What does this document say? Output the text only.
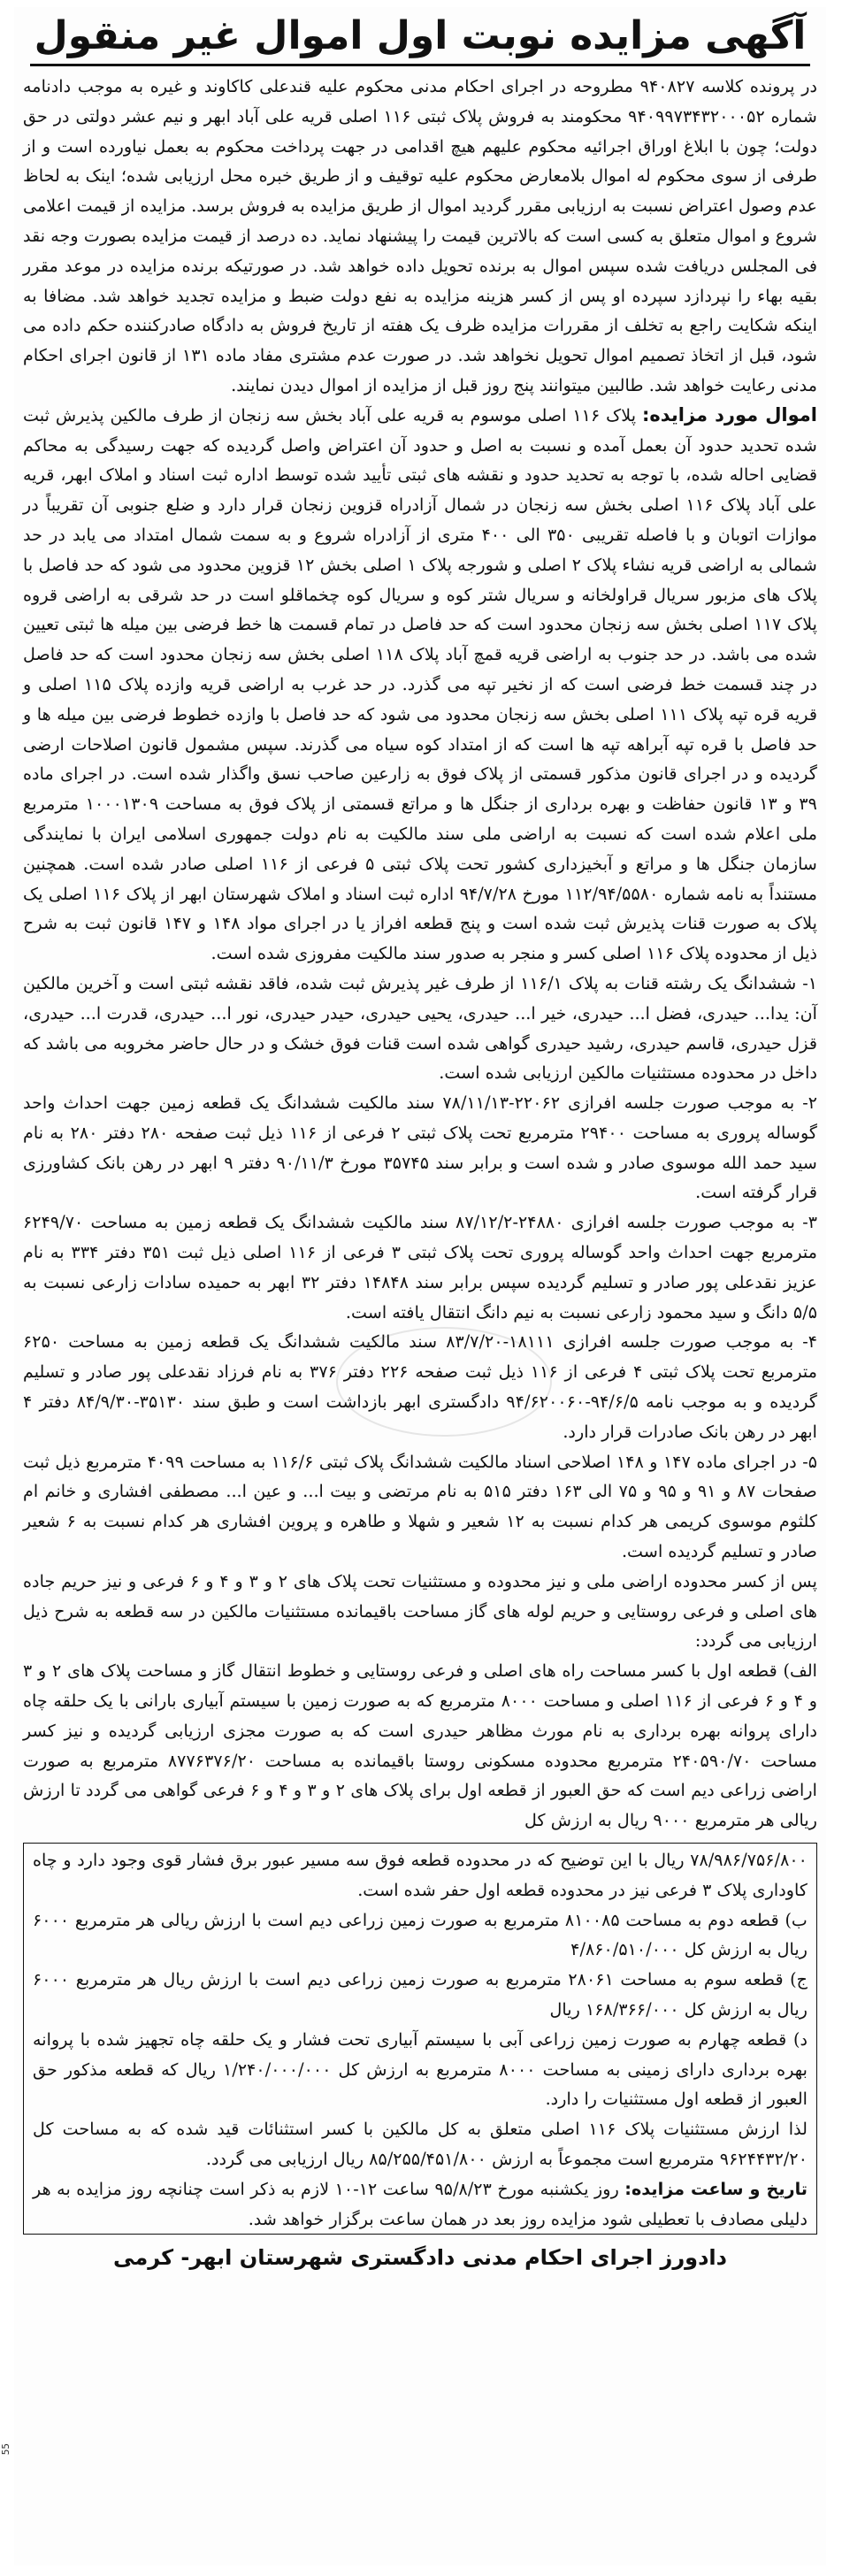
آگهی مزایده نوبت اول اموال غیر منقول

در پرونده کلاسه ۹۴۰۸۲۷ مطروحه در اجرای احکام مدنی محکوم علیه قندعلی کاکاوند و غیره به موجب دادنامه شماره ۹۴۰۹۹۷۳۴۳۲۰۰۰۵۲ محکومند به فروش پلاک ثبتی ۱۱۶ اصلی قریه علی آباد ابهر و نیم عشر دولتی در حق دولت؛ چون با ابلاغ اوراق اجرائیه محکوم علیهم هیچ اقدامی در جهت پرداخت محکوم به بعمل نیاورده است و از طرفی از سوی محکوم له اموال بلامعارض محکوم علیه توقیف و از طریق خبره محل ارزیابی شده؛ اینک به لحاظ عدم وصول اعتراض نسبت به ارزیابی مقرر گردید اموال از طریق مزایده به فروش برسد. مزایده از قیمت اعلامی شروع و اموال متعلق به کسی است که بالاترین قیمت را پیشنهاد نماید. ده درصد از قیمت مزایده بصورت وجه نقد فی المجلس دریافت شده سپس اموال به برنده تحویل داده خواهد شد. در صورتیکه برنده مزایده در موعد مقرر بقیه بهاء را نپردازد سپرده او پس از کسر هزینه مزایده به نفع دولت ضبط و مزایده تجدید خواهد شد. مضافا به اینکه شکایت راجع به تخلف از مقررات مزایده ظرف یک هفته از تاریخ فروش به دادگاه صادرکننده حکم داده می شود، قبل از اتخاذ تصمیم اموال تحویل نخواهد شد. در صورت عدم مشتری مفاد ماده ۱۳۱ از قانون اجرای احکام مدنی رعایت خواهد شد. طالبین میتوانند پنج روز قبل از مزایده از اموال دیدن نمایند.

اموال مورد مزایده: پلاک ۱۱۶ اصلی موسوم به قریه علی آباد بخش سه زنجان از طرف مالکین پذیرش ثبت شده تحدید حدود آن بعمل آمده و نسبت به اصل و حدود آن اعتراض واصل گردیده که جهت رسیدگی به محاکم قضایی احاله شده، با توجه به تحدید حدود و نقشه های ثبتی تأیید شده توسط اداره ثبت اسناد و املاک ابهر، قریه علی آباد پلاک ۱۱۶ اصلی بخش سه زنجان در شمال آزادراه قزوین زنجان قرار دارد و ضلع جنوبی آن تقریباً در موازات اتوبان و با فاصله تقریبی ۳۵۰ الی ۴۰۰ متری از آزادراه شروع و به سمت شمال امتداد می یابد در حد شمالی به اراضی قریه نشاء پلاک ۲ اصلی و شورجه پلاک ۱ اصلی بخش ۱۲ قزوین محدود می شود که حد فاصل با پلاک های مزبور سریال قراولخانه و سریال شتر کوه و سریال کوه چخماقلو است در حد شرقی به اراضی قروه پلاک ۱۱۷ اصلی بخش سه زنجان محدود است که حد فاصل در تمام قسمت ها خط فرضی بین میله ها ثبتی تعیین شده می باشد. در حد جنوب به اراضی قریه قمچ آباد پلاک ۱۱۸ اصلی بخش سه زنجان محدود است که حد فاصل در چند قسمت خط فرضی است که از نخیر تپه می گذرد. در حد غرب به اراضی قریه وازده پلاک ۱۱۵ اصلی و قریه قره تپه پلاک ۱۱۱ اصلی بخش سه زنجان محدود می شود که حد فاصل با وازده خطوط فرضی بین میله ها و حد فاصل با قره تپه آبراهه تپه ها است که از امتداد کوه سیاه می گذرند. سپس مشمول قانون اصلاحات ارضی گردیده و در اجرای قانون مذکور قسمتی از پلاک فوق به زارعین صاحب نسق واگذار شده است. در اجرای ماده ۳۹ و ۱۳ قانون حفاظت و بهره برداری از جنگل ها و مراتع قسمتی از پلاک فوق به مساحت ۱۰۰۰۱۳۰۹ مترمربع ملی اعلام شده است که نسبت به اراضی ملی سند مالکیت به نام دولت جمهوری اسلامی ایران با نمایندگی سازمان جنگل ها و مراتع و آبخیزداری کشور تحت پلاک ثبتی ۵ فرعی از ۱۱۶ اصلی صادر شده است. همچنین مستنداً به نامه شماره ۱۱۲/۹۴/۵۵۸۰ مورخ ۹۴/۷/۲۸ اداره ثبت اسناد و املاک شهرستان ابهر از پلاک ۱۱۶ اصلی یک پلاک به صورت قنات پذیرش ثبت شده است و پنج قطعه افراز یا در اجرای مواد ۱۴۸ و ۱۴۷ قانون ثبت به شرح ذیل از محدوده پلاک ۱۱۶ اصلی کسر و منجر به صدور سند مالکیت مفروزی شده است.

۱- ششدانگ یک رشته قنات به پلاک ۱۱۶/۱ از طرف غیر پذیرش ثبت شده، فاقد نقشه ثبتی است و آخرین مالکین آن: یدا... حیدری، فضل ا... حیدری، خیر ا... حیدری، یحیی حیدری، حیدر حیدری، نور ا... حیدری، قدرت ا... حیدری، قزل حیدری، قاسم حیدری، رشید حیدری گواهی شده است قنات فوق خشک و در حال حاضر مخروبه می باشد که داخل در محدوده مستثنیات مالکین ارزیابی شده است.

۲- به موجب صورت جلسه افرازی ۲۲۰۶۲-۷۸/۱۱/۱۳ سند مالکیت ششدانگ یک قطعه زمین جهت احداث واحد گوساله پروری به مساحت ۲۹۴۰۰ مترمربع تحت پلاک ثبتی ۲ فرعی از ۱۱۶ ذیل ثبت صفحه ۲۸۰ دفتر ۲۸۰ به نام سید حمد الله موسوی صادر و شده است و برابر سند ۳۵۷۴۵ مورخ ۹۰/۱۱/۳ دفتر ۹ ابهر در رهن بانک کشاورزی قرار گرفته است.

۳- به موجب صورت جلسه افرازی ۲۴۸۸۰-۸۷/۱۲/۲ سند مالکیت ششدانگ یک قطعه زمین به مساحت ۶۲۴۹/۷۰ مترمربع جهت احداث واحد گوساله پروری تحت پلاک ثبتی ۳ فرعی از ۱۱۶ اصلی ذیل ثبت ۳۵۱ دفتر ۳۳۴ به نام عزیز نقدعلی پور صادر و تسلیم گردیده سپس برابر سند ۱۴۸۴۸ دفتر ۳۲ ابهر به حمیده سادات زارعی نسبت به ۵/۵ دانگ و سید محمود زارعی نسبت به نیم دانگ انتقال یافته است.

۴- به موجب صورت جلسه افرازی ۱۸۱۱۱-۸۳/۷/۲۰ سند مالکیت ششدانگ یک قطعه زمین به مساحت ۶۲۵۰ مترمربع تحت پلاک ثبتی ۴ فرعی از ۱۱۶ ذیل ثبت صفحه ۲۲۶ دفتر ۳۷۶ به نام فرزاد نقدعلی پور صادر و تسلیم گردیده و به موجب نامه ۹۴/۶/۵-۹۴/۶۲۰۰۶۰ دادگستری ابهر بازداشت است و طبق سند ۳۵۱۳۰-۸۴/۹/۳۰ دفتر ۴ ابهر در رهن بانک صادرات قرار دارد.

۵- در اجرای ماده ۱۴۷ و ۱۴۸ اصلاحی اسناد مالکیت ششدانگ پلاک ثبتی ۱۱۶/۶ به مساحت ۴۰۹۹ مترمربع ذیل ثبت صفحات ۸۷ و ۹۱ و ۹۵ و ۷۵ الی ۱۶۳ دفتر ۵۱۵ به نام مرتضی و بیت ا... و عین ا... مصطفی افشاری و خانم ام کلثوم موسوی کریمی هر کدام نسبت به ۱۲ شعیر و شهلا و طاهره و پروین افشاری هر کدام نسبت به ۶ شعیر صادر و تسلیم گردیده است.

پس از کسر محدوده اراضی ملی و نیز محدوده و مستثنیات تحت پلاک های ۲ و ۳ و ۴ و ۶ فرعی و نیز حریم جاده های اصلی و فرعی روستایی و حریم لوله های گاز مساحت باقیمانده مستثنیات مالکین در سه قطعه به شرح ذیل ارزیابی می گردد:

الف) قطعه اول با کسر مساحت راه های اصلی و فرعی روستایی و خطوط انتقال گاز و مساحت پلاک های ۲ و ۳ و ۴ و ۶ فرعی از ۱۱۶ اصلی و مساحت ۸۰۰۰ مترمربع که به صورت زمین با سیستم آبیاری بارانی با یک حلقه چاه دارای پروانه بهره برداری به نام مورث مظاهر حیدری است که به صورت مجزی ارزیابی گردیده و نیز کسر مساحت ۲۴۰۵۹۰/۷۰ مترمربع محدوده مسکونی روستا باقیمانده به مساحت ۸۷۷۶۳۷۶/۲۰ مترمربع به صورت اراضی زراعی دیم است که حق العبور از قطعه اول برای پلاک های ۲ و ۳ و ۴ و ۶ فرعی گواهی می گردد تا ارزش ریالی هر مترمربع ۹۰۰۰ ریال به ارزش کل

۷۸/۹۸۶/۷۵۶/۸۰۰ ریال با این توضیح که در محدوده قطعه فوق سه مسیر عبور برق فشار قوی وجود دارد و چاه کاوداری پلاک ۳ فرعی نیز در محدوده قطعه اول حفر شده است.

ب) قطعه دوم به مساحت ۸۱۰۰۸۵ مترمربع به صورت زمین زراعی دیم است با ارزش ریالی هر مترمربع ۶۰۰۰ ریال به ارزش کل ۴/۸۶۰/۵۱۰/۰۰۰

ج) قطعه سوم به مساحت ۲۸۰۶۱ مترمربع به صورت زمین زراعی دیم است با ارزش ریال هر مترمربع ۶۰۰۰ ریال به ارزش کل ۱۶۸/۳۶۶/۰۰۰ ریال

د) قطعه چهارم به صورت زمین زراعی آبی با سیستم آبیاری تحت فشار و یک حلقه چاه تجهیز شده با پروانه بهره برداری دارای زمینی به مساحت ۸۰۰۰ مترمربع به ارزش کل ۱/۲۴۰/۰۰۰/۰۰۰ ریال که قطعه مذکور حق العبور از قطعه اول مستثنیات را دارد.

لذا ارزش مستثنیات پلاک ۱۱۶ اصلی متعلق به کل مالکین با کسر استثنائات قید شده که به مساحت کل ۹۶۲۴۴۳۲/۲۰ مترمربع است مجموعاً به ارزش ۸۵/۲۵۵/۴۵۱/۸۰۰ ریال ارزیابی می گردد.

تاریخ و ساعت مزایده: روز یکشنبه مورخ ۹۵/۸/۲۳ ساعت ۱۲-۱۰ لازم به ذکر است چنانچه روز مزایده به هر دلیلی مصادف با تعطیلی شود مزایده روز بعد در همان ساعت برگزار خواهد شد.

دادورز اجرای احکام مدنی دادگستری شهرستان ابهر- کرمی
55
